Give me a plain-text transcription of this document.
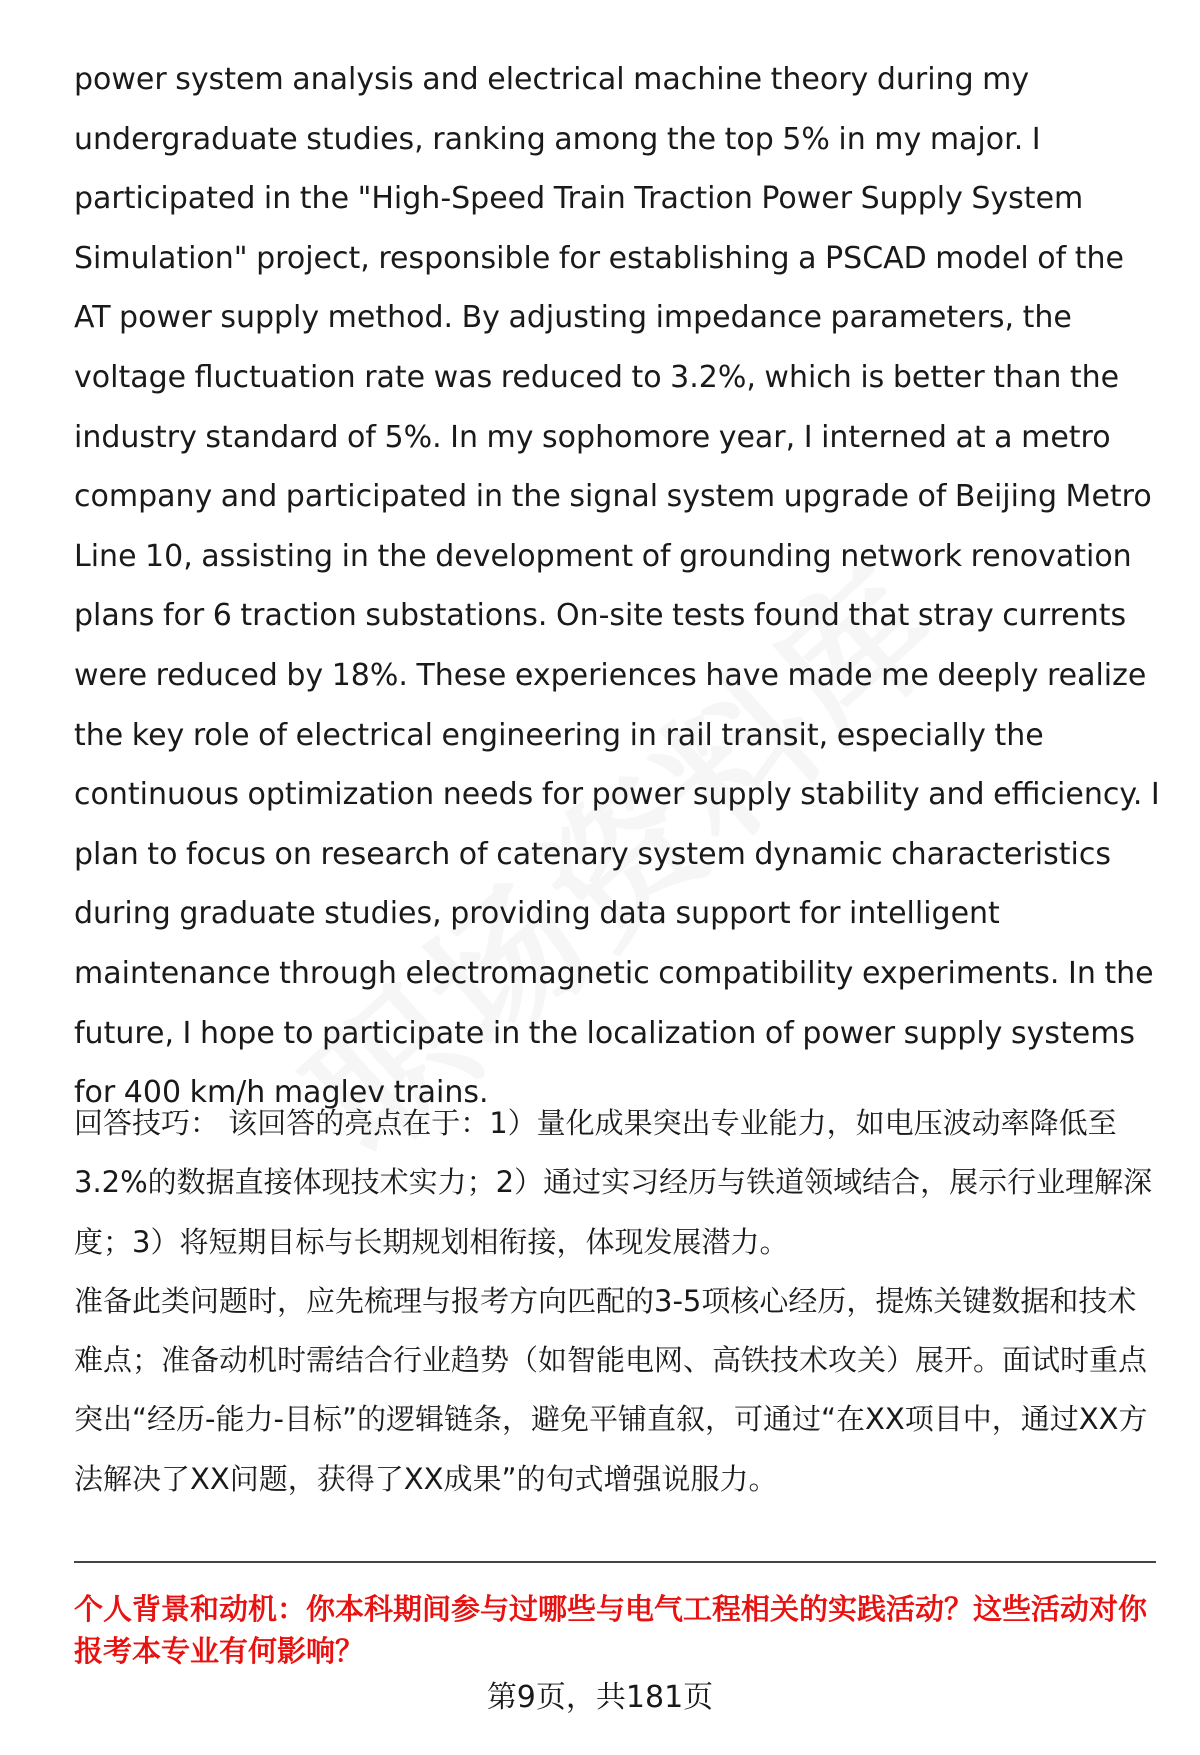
power system analysis and electrical machine theory during my undergraduate studies, ranking among the top 5% in my major. I participated in the "High-Speed Train Traction Power Supply System Simulation" project, responsible for establishing a PSCAD model of the AT power supply method. By adjusting impedance parameters, the voltage fluctuation rate was reduced to 3.2%, which is better than the industry standard of 5%. In my sophomore year, I interned at a metro company and participated in the signal system upgrade of Beijing Metro Line 10, assisting in the development of grounding network renovation plans for 6 traction substations. On-site tests found that stray currents were reduced by 18%. These experiences have made me deeply realize the key role of electrical engineering in rail transit, especially the continuous optimization needs for power supply stability and efficiency. I plan to focus on research of catenary system dynamic characteristics during graduate studies, providing data support for intelligent maintenance through electromagnetic compatibility experiments. In the future, I hope to participate in the localization of power supply systems for 400 km/h maglev trains.

回答技巧： 该回答的亮点在于：1）量化成果突出专业能力，如电压波动率降低至3.2%的数据直接体现技术实力；2）通过实习经历与铁道领域结合，展示行业理解深度；3）将短期目标与长期规划相衔接，体现发展潜力。

准备此类问题时，应先梳理与报考方向匹配的3-5项核心经历，提炼关键数据和技术难点；准备动机时需结合行业趋势（如智能电网、高铁技术攻关）展开。面试时重点突出“经历-能力-目标”的逻辑链条，避免平铺直叙，可通过“在XX项目中，通过XX方法解决了XX问题，获得了XX成果”的句式增强说服力。

个人背景和动机：你本科期间参与过哪些与电气工程相关的实践活动？这些活动对你报考本专业有何影响？
第9页，共181页
